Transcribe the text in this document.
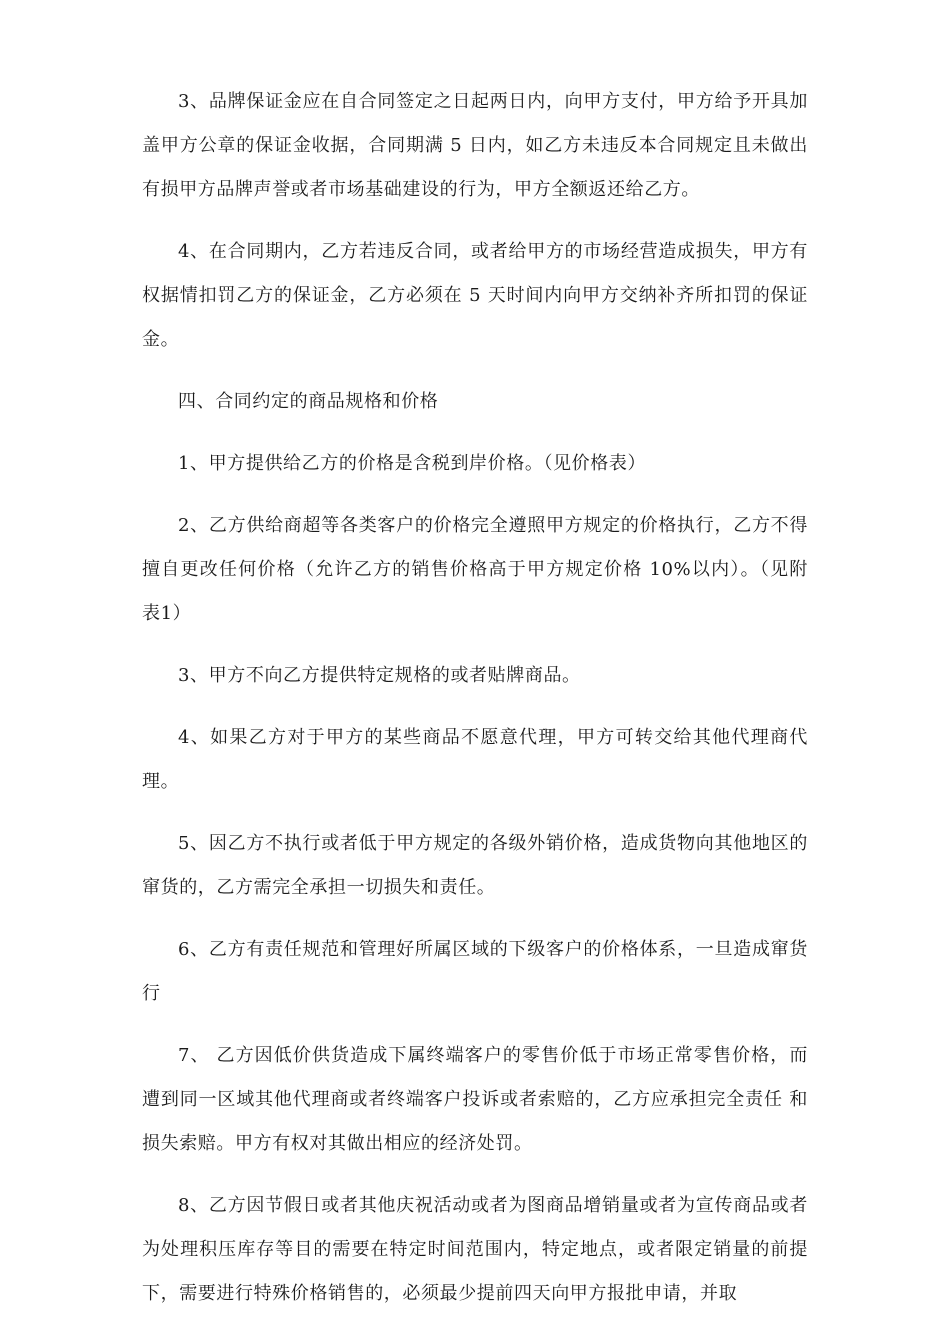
3、品牌保证金应在自合同签定之日起两日内，向甲方支付，甲方给予开具加盖甲方公章的保证金收据，合同期满 5 日内，如乙方未违反本合同规定且未做出有损甲方品牌声誉或者市场基础建设的行为，甲方全额返还给乙方。

4、在合同期内，乙方若违反合同，或者给甲方的市场经营造成损失，甲方有权据情扣罚乙方的保证金，乙方必须在 5 天时间内向甲方交纳补齐所扣罚的保证金。

四、合同约定的商品规格和价格

1、甲方提供给乙方的价格是含税到岸价格。（见价格表）

2、乙方供给商超等各类客户的价格完全遵照甲方规定的价格执行，乙方不得擅自更改任何价格（允许乙方的销售价格高于甲方规定价格 10%以内）。（见附 表1）

3、甲方不向乙方提供特定规格的或者贴牌商品。

4、如果乙方对于甲方的某些商品不愿意代理，甲方可转交给其他代理商代理。

5、因乙方不执行或者低于甲方规定的各级外销价格，造成货物向其他地区的窜货的，乙方需完全承担一切损失和责任。

6、乙方有责任规范和管理好所属区域的下级客户的价格体系，一旦造成窜货行

7、 乙方因低价供货造成下属终端客户的零售价低于市场正常零售价格，而 遭到同一区域其他代理商或者终端客户投诉或者索赔的，乙方应承担完全责任 和损失索赔。甲方有权对其做出相应的经济处罚。

8、乙方因节假日或者其他庆祝活动或者为图商品增销量或者为宣传商品或者为处理积压库存等目的需要在特定时间范围内，特定地点，或者限定销量的前提下，需要进行特殊价格销售的，必须最少提前四天向甲方报批申请，并取
